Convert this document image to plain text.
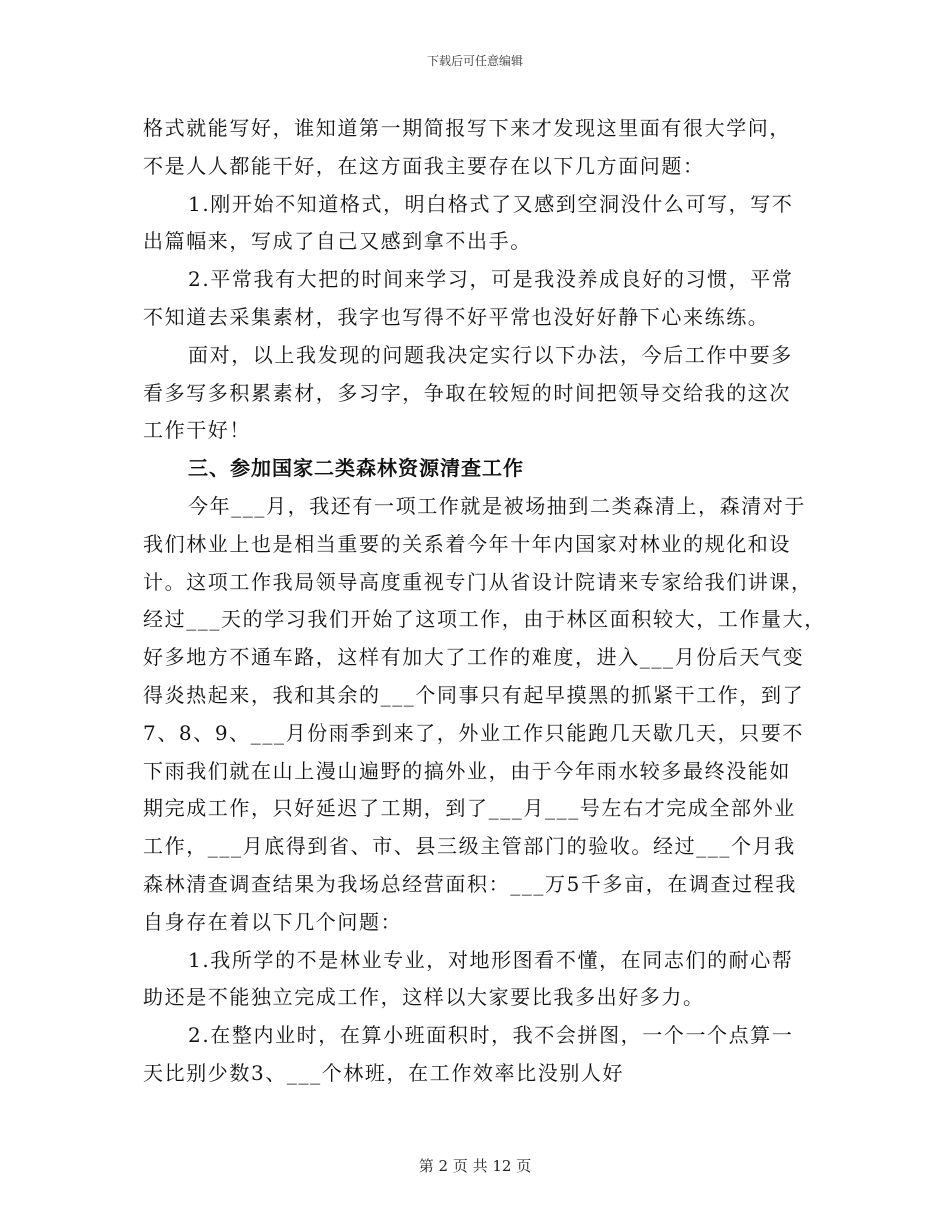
下载后可任意编辑
格式就能写好，谁知道第一期简报写下来才发现这里面有很大学问，
不是人人都能干好，在这方面我主要存在以下几方面问题：
1.刚开始不知道格式，明白格式了又感到空洞没什么可写，写不
出篇幅来，写成了自己又感到拿不出手。
2.平常我有大把的时间来学习，可是我没养成良好的习惯，平常
不知道去采集素材，我字也写得不好平常也没好好静下心来练练。
面对，以上我发现的问题我决定实行以下办法，今后工作中要多
看多写多积累素材，多习字，争取在较短的时间把领导交给我的这次
工作干好！
三、参加国家二类森林资源清查工作
今年___月，我还有一项工作就是被场抽到二类森清上，森清对于
我们林业上也是相当重要的关系着今年十年内国家对林业的规化和设
计。这项工作我局领导高度重视专门从省设计院请来专家给我们讲课，
经过___天的学习我们开始了这项工作，由于林区面积较大，工作量大，
好多地方不通车路，这样有加大了工作的难度，进入___月份后天气变
得炎热起来，我和其余的___个同事只有起早摸黑的抓紧干工作，到了
7、8、9、___月份雨季到来了，外业工作只能跑几天歇几天，只要不
下雨我们就在山上漫山遍野的搞外业，由于今年雨水较多最终没能如
期完成工作，只好延迟了工期，到了___月___号左右才完成全部外业
工作，___月底得到省、市、县三级主管部门的验收。经过___个月我
森林清查调查结果为我场总经营面积：___万5千多亩，在调查过程我
自身存在着以下几个问题：
1.我所学的不是林业专业，对地形图看不懂，在同志们的耐心帮
助还是不能独立完成工作，这样以大家要比我多出好多力。
2.在整内业时，在算小班面积时，我不会拼图，一个一个点算一
天比别少数3、___个林班，在工作效率比没别人好
第 2 页 共 12 页
